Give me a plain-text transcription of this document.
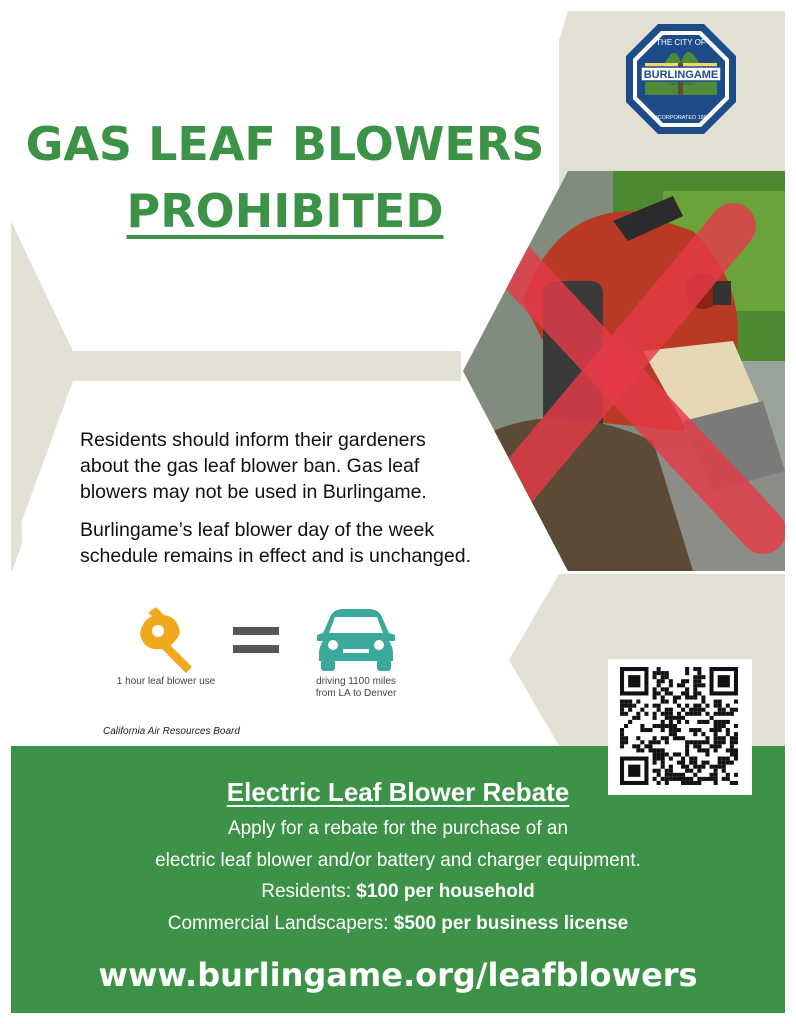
BURLINGAME
THE CITY OF
CALIFORNIA
INCORPORATED 1908
GAS LEAF BLOWERS
PROHIBITED
Residents should inform their gardeners
about the gas leaf blower ban. Gas leaf
blowers may not be used in Burlingame.
Burlingame’s leaf blower day of the week
schedule remains in effect and is unchanged.

1 hour leaf blower use	driving 1100 miles
from LA to Denver

California Air Resources Board

Electric Leaf Blower Rebate

Apply for a rebate for the purchase of an

electric leaf blower and/or battery and charger equipment.

Residents: $100 per household

Commercial Landscapers: $500 per business license

www.burlingame.org/leafblowers
